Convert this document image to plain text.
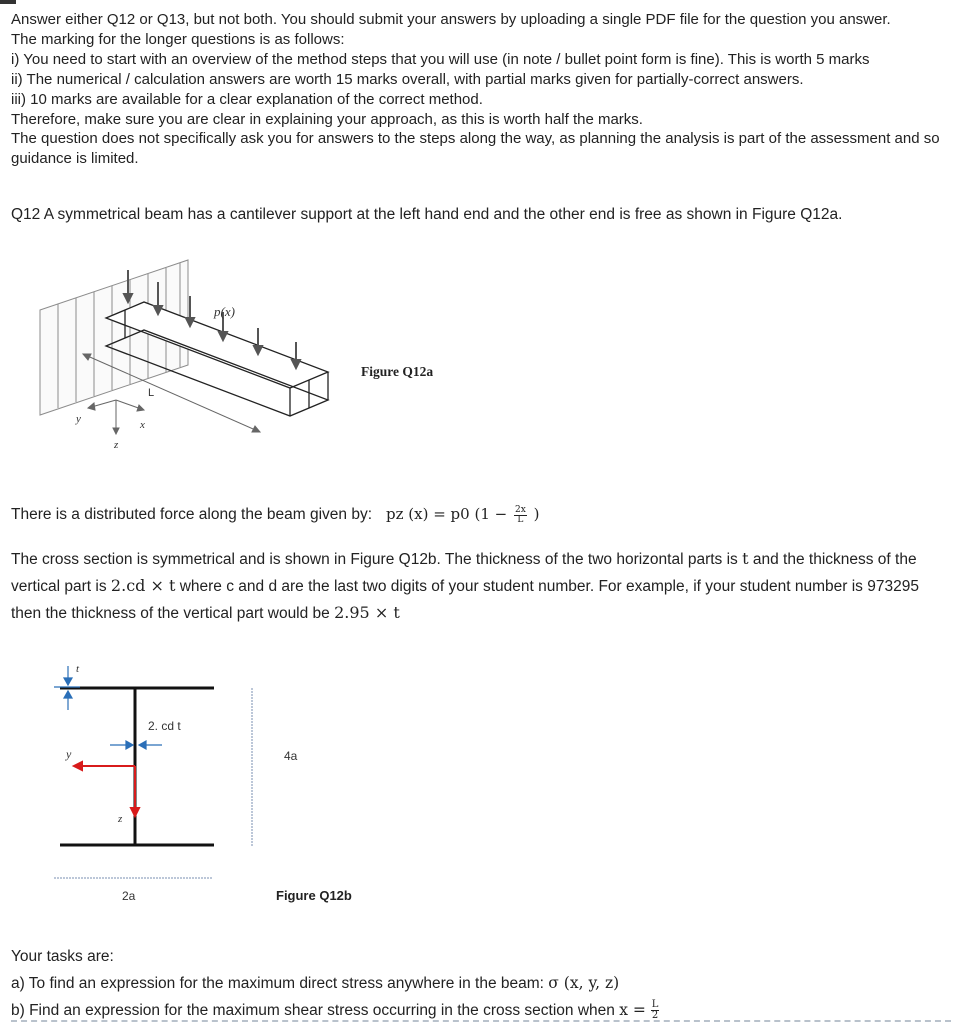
Answer either Q12 or Q13, but not both. You should submit your answers by uploading a single PDF file for the question you answer.

The marking for the longer questions is as follows:

i) You need to start with an overview of the method steps that you will use (in note / bullet point form is fine). This is worth 5 marks

ii) The numerical / calculation answers are worth 15 marks overall, with partial marks given for partially-correct answers.

iii) 10 marks are available for a clear explanation of the correct method.

Therefore, make sure you are clear in explaining your approach, as this is worth half the marks.

The question does not specifically ask you for answers to the steps along the way, as planning the analysis is part of the assessment and so guidance is limited.

Q12 A symmetrical beam has a cantilever support at the left hand end and the other end is free as shown in Figure Q12a.
p(x)
L
x
y
z
Figure Q12a
There is a distributed force along the beam given by: pz (x) = p0 ($1 - \frac{2x}{L}$ )
The cross section is symmetrical and is shown in Figure Q12b. The thickness of the two horizontal parts is t and the thickness of the vertical part is 2.cd × t where c and d are the last two digits of your student number. For example, if your student number is 973295 then the thickness of the vertical part would be 2.95 × t
t
2. cd t
4a
2a
y
z
Figure Q12b
Your tasks are:
a) To find an expression for the maximum direct stress anywhere in the beam: σ (x, y, z)
b) Find an expression for the maximum shear stress occurring in the cross section when $x = \frac{L}{2}$
